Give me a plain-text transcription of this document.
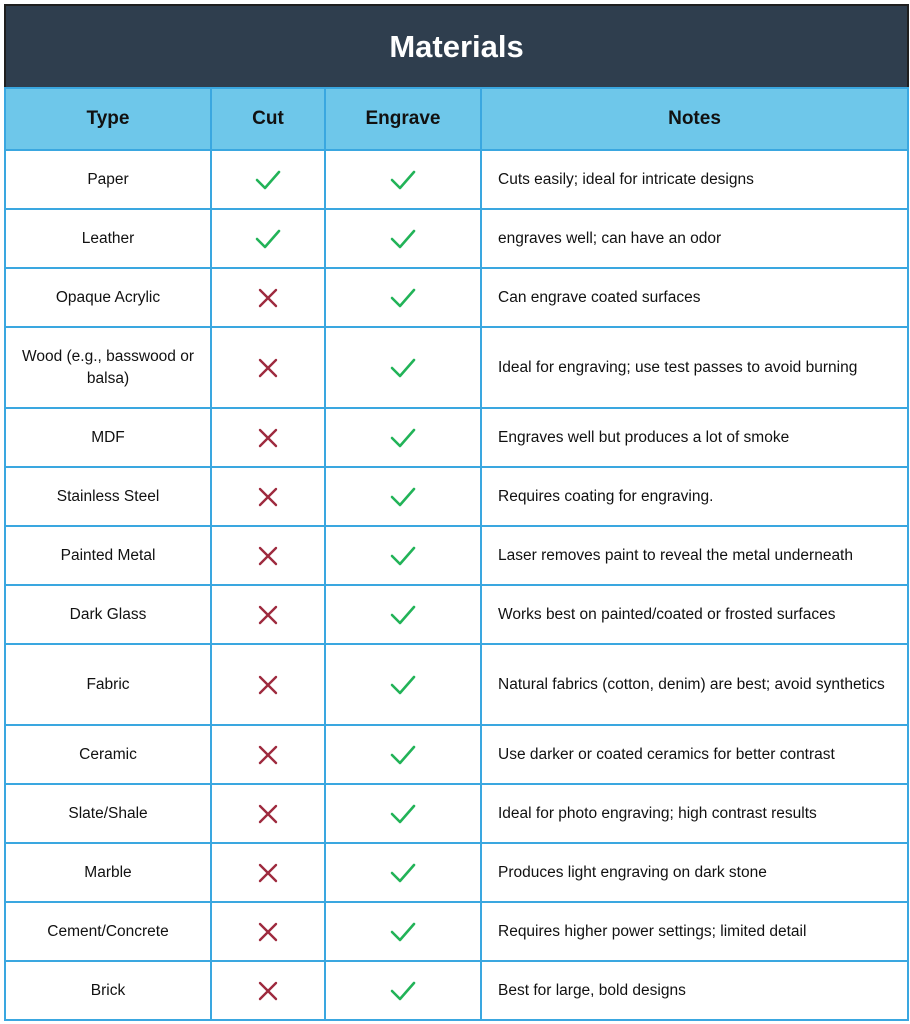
Materials			
Type	Cut	Engrave	Notes
Paper			Cuts easily; ideal for intricate designs
Leather			engraves well; can have an odor
Opaque Acrylic			Can engrave coated surfaces
Wood (e.g., basswood or balsa)			Ideal for engraving; use test passes to avoid burning
MDF			Engraves well but produces a lot of smoke
Stainless Steel			Requires coating for engraving.
Painted Metal			Laser removes paint to reveal the metal underneath
Dark Glass			Works best on painted/coated or frosted surfaces
Fabric			Natural fabrics (cotton, denim) are best; avoid synthetics
Ceramic			Use darker or coated ceramics for better contrast
Slate/Shale			Ideal for photo engraving; high contrast results
Marble			Produces light engraving on dark stone
Cement/Concrete			Requires higher power settings; limited detail
Brick			Best for large, bold designs
